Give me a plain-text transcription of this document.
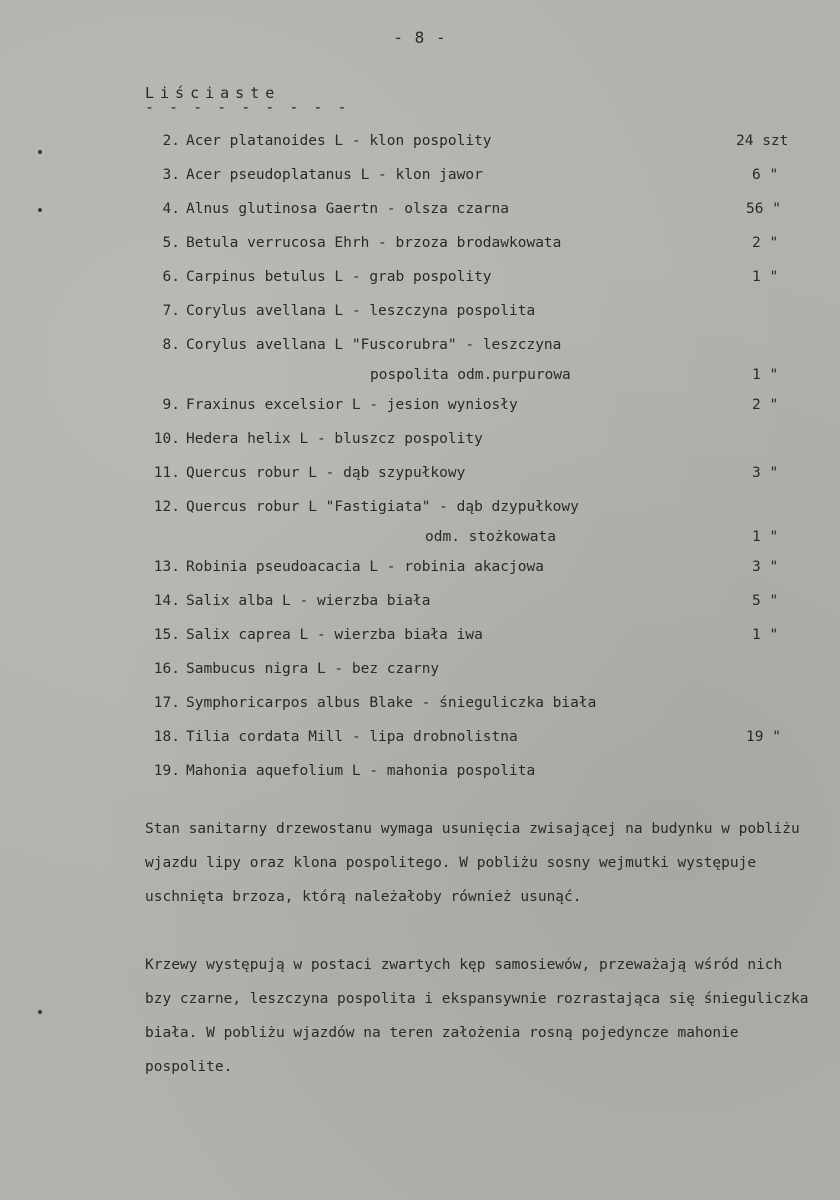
- 8 -
Liściaste
- - - - - - - - -
2. Acer platanoides L - klon pospolity	24 szt
3. Acer pseudoplatanus L - klon jawor	6 "
4. Alnus glutinosa Gaertn - olsza czarna	56 "
5. Betula verrucosa Ehrh - brzoza brodawkowata	2 "
6. Carpinus betulus L - grab pospolity	1 "
7. Corylus avellana L - leszczyna pospolita
8. Corylus avellana L "Fuscorubra" - leszczyna
pospolita odm.purpurowa	1 "
9. Fraxinus excelsior L - jesion wyniosły	2 "
10. Hedera helix L - bluszcz pospolity
11. Quercus robur L - dąb szypułkowy	3 "
12. Quercus robur L "Fastigiata" - dąb dzypułkowy
odm. stożkowata	1 "
13. Robinia pseudoacacia L - robinia akacjowa	3 "
14. Salix alba L - wierzba biała	5 "
15. Salix caprea L - wierzba biała iwa	1 "
16. Sambucus nigra L - bez czarny
17. Symphoricarpos albus Blake - śnieguliczka biała
18. Tilia cordata Mill - lipa drobnolistna	19 "
19. Mahonia aquefolium L - mahonia pospolita
Stan sanitarny drzewostanu wymaga usunięcia zwisającej na budynku w pobliżu wjazdu lipy oraz klona pospolitego. W pobliżu sosny wejmutki występuje uschnięta brzoza, którą należałoby również usunąć.
Krzewy występują w postaci zwartych kęp samosiewów, przeważają wśród nich bzy czarne, leszczyna pospolita i ekspansywnie rozrastająca się śnieguliczka biała. W pobliżu wjazdów na teren założenia rosną pojedyncze mahonie pospolite.
